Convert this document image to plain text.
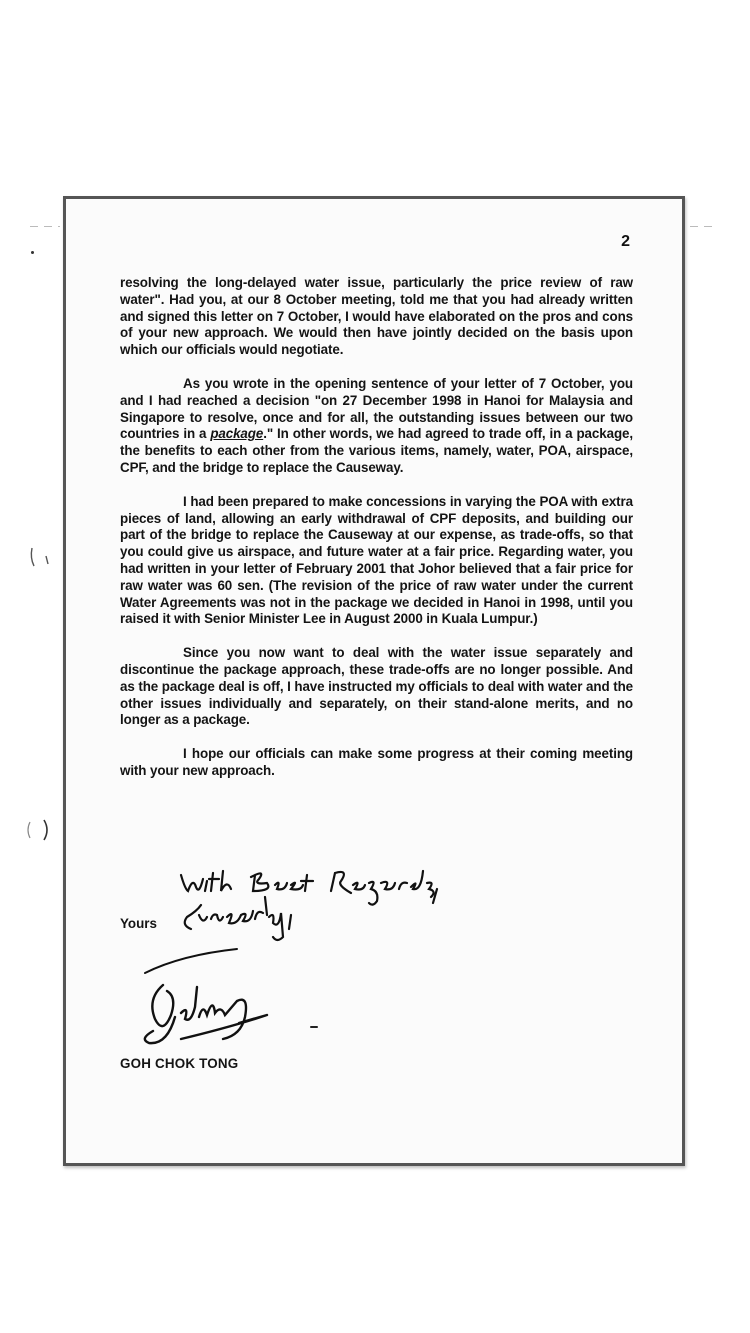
2

resolving the long-delayed water issue, particularly the price review of raw water". Had you, at our 8 October meeting, told me that you had already written and signed this letter on 7 October, I would have elaborated on the pros and cons of your new approach. We would then have jointly decided on the basis upon which our officials would negotiate.

As you wrote in the opening sentence of your letter of 7 October, you and I had reached a decision "on 27 December 1998 in Hanoi for Malaysia and Singapore to resolve, once and for all, the outstanding issues between our two countries in a package." In other words, we had agreed to trade off, in a package, the benefits to each other from the various items, namely, water, POA, airspace, CPF, and the bridge to replace the Causeway.

I had been prepared to make concessions in varying the POA with extra pieces of land, allowing an early withdrawal of CPF deposits, and building our part of the bridge to replace the Causeway at our expense, as trade-offs, so that you could give us airspace, and future water at a fair price. Regarding water, you had written in your letter of February 2001 that Johor believed that a fair price for raw water was 60 sen. (The revision of the price of raw water under the current Water Agreements was not in the package we decided in Hanoi in 1998, until you raised it with Senior Minister Lee in August 2000 in Kuala Lumpur.)

Since you now want to deal with the water issue separately and discontinue the package approach, these trade-offs are no longer possible. And as the package deal is off, I have instructed my officials to deal with water and the other issues individually and separately, on their stand-alone merits, and no longer as a package.

I hope our officials can make some progress at their coming meeting with your new approach.

Yours
GOH CHOK TONG
